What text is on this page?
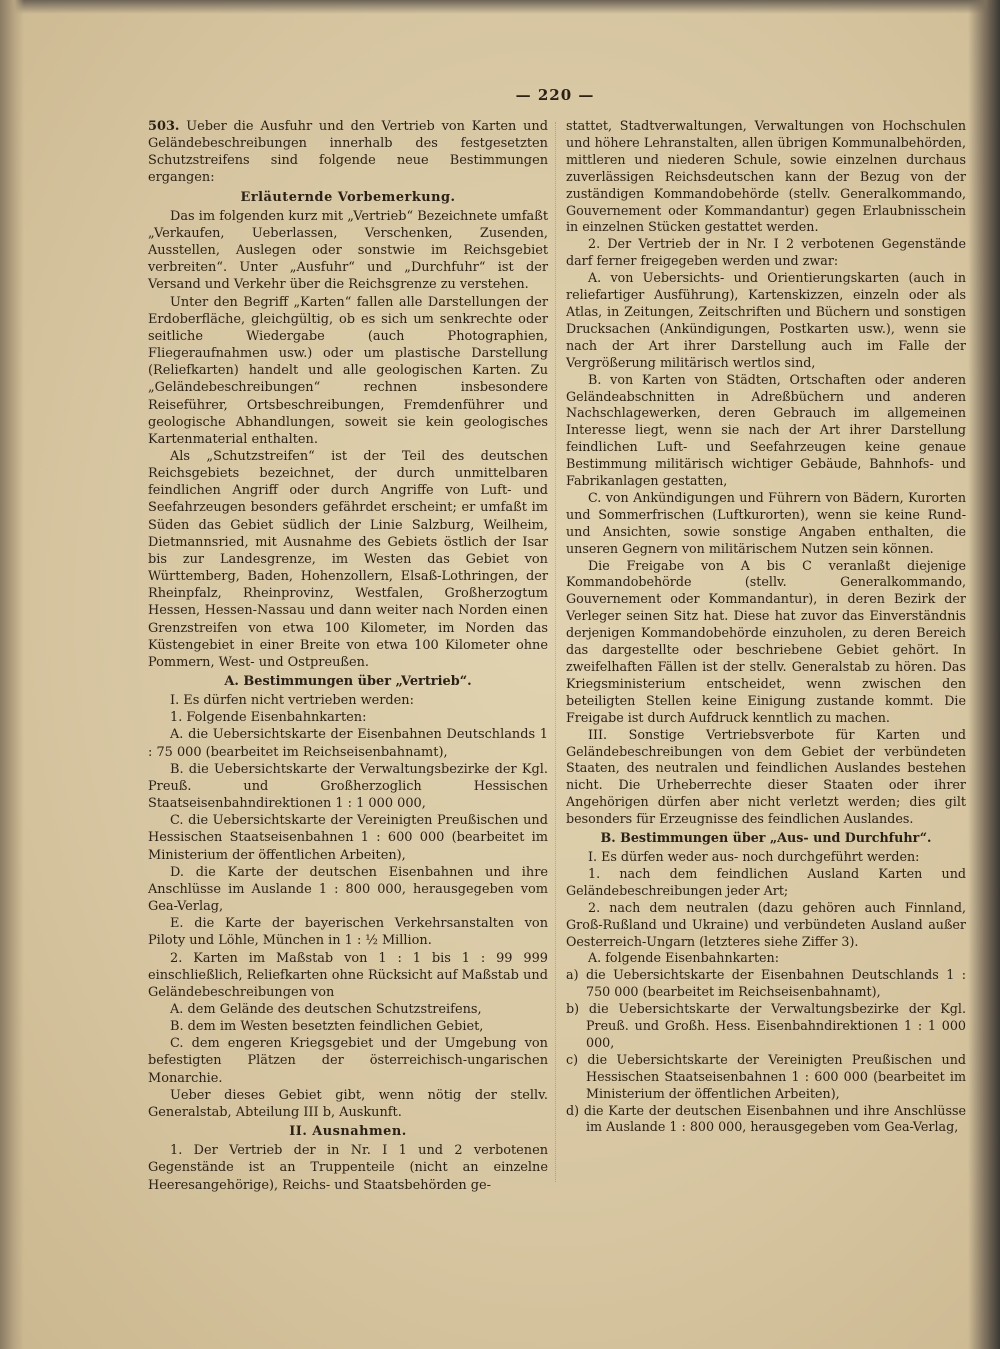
— 220 —

503. Ueber die Ausfuhr und den Vertrieb von Karten und Geländebeschreibungen innerhalb des festgesetzten Schutzstreifens sind folgende neue Bestimmungen ergangen:

Erläuternde Vorbemerkung.

Das im folgenden kurz mit „Vertrieb“ Bezeichnete umfaßt „Verkaufen, Ueberlassen, Verschenken, Zusenden, Ausstellen, Auslegen oder sonstwie im Reichsgebiet verbreiten“. Unter „Ausfuhr“ und „Durchfuhr“ ist der Versand und Verkehr über die Reichsgrenze zu verstehen.

Unter den Begriff „Karten“ fallen alle Darstellungen der Erdoberfläche, gleichgültig, ob es sich um senkrechte oder seitliche Wiedergabe (auch Photographien, Fliegeraufnahmen usw.) oder um plastische Darstellung (Reliefkarten) handelt und alle geologischen Karten. Zu „Geländebeschreibungen“ rechnen insbesondere Reiseführer, Ortsbeschreibungen, Fremdenführer und geologische Abhandlungen, soweit sie kein geologisches Kartenmaterial enthalten.

Als „Schutzstreifen“ ist der Teil des deutschen Reichsgebiets bezeichnet, der durch unmittelbaren feindlichen Angriff oder durch Angriffe von Luft- und Seefahrzeugen besonders gefährdet erscheint; er umfaßt im Süden das Gebiet südlich der Linie Salzburg, Weilheim, Dietmannsried, mit Ausnahme des Gebiets östlich der Isar bis zur Landesgrenze, im Westen das Gebiet von Württemberg, Baden, Hohenzollern, Elsaß-Lothringen, der Rheinpfalz, Rheinprovinz, Westfalen, Großherzogtum Hessen, Hessen-Nassau und dann weiter nach Norden einen Grenzstreifen von etwa 100 Kilometer, im Norden das Küstengebiet in einer Breite von etwa 100 Kilometer ohne Pommern, West- und Ostpreußen.

A. Bestimmungen über „Vertrieb“.

I. Es dürfen nicht vertrieben werden:

1. Folgende Eisenbahnkarten:

A. die Uebersichtskarte der Eisenbahnen Deutschlands 1 : 75 000 (bearbeitet im Reichseisenbahnamt),

B. die Uebersichtskarte der Verwaltungsbezirke der Kgl. Preuß. und Großherzoglich Hessischen Staatseisenbahndirektionen 1 : 1 000 000,

C. die Uebersichtskarte der Vereinigten Preußischen und Hessischen Staatseisenbahnen 1 : 600 000 (bearbeitet im Ministerium der öffentlichen Arbeiten),

D. die Karte der deutschen Eisenbahnen und ihre Anschlüsse im Auslande 1 : 800 000, herausgegeben vom Gea-Verlag,

E. die Karte der bayerischen Verkehrsanstalten von Piloty und Löhle, München in 1 : ½ Million.

2. Karten im Maßstab von 1 : 1 bis 1 : 99 999 einschließlich, Reliefkarten ohne Rücksicht auf Maßstab und Geländebeschreibungen von

A. dem Gelände des deutschen Schutzstreifens,

B. dem im Westen besetzten feindlichen Gebiet,

C. dem engeren Kriegsgebiet und der Umgebung von befestigten Plätzen der österreichisch-ungarischen Monarchie.

Ueber dieses Gebiet gibt, wenn nötig der stellv. Generalstab, Abteilung III b, Auskunft.

II. Ausnahmen.

1. Der Vertrieb der in Nr. I 1 und 2 verbotenen Gegenstände ist an Truppenteile (nicht an einzelne Heeresangehörige), Reichs- und Staatsbehörden ge-

stattet, Stadtverwaltungen, Verwaltungen von Hochschulen und höhere Lehranstalten, allen übrigen Kommunalbehörden, mittleren und niederen Schule, sowie einzelnen durchaus zuverlässigen Reichsdeutschen kann der Bezug von der zuständigen Kommandobehörde (stellv. Generalkommando, Gouvernement oder Kommandantur) gegen Erlaubnisschein in einzelnen Stücken gestattet werden.

2. Der Vertrieb der in Nr. I 2 verbotenen Gegenstände darf ferner freigegeben werden und zwar:

A. von Uebersichts- und Orientierungskarten (auch in reliefartiger Ausführung), Kartenskizzen, einzeln oder als Atlas, in Zeitungen, Zeitschriften und Büchern und sonstigen Drucksachen (Ankündigungen, Postkarten usw.), wenn sie nach der Art ihrer Darstellung auch im Falle der Vergrößerung militärisch wertlos sind,

B. von Karten von Städten, Ortschaften oder anderen Geländeabschnitten in Adreßbüchern und anderen Nachschlagewerken, deren Gebrauch im allgemeinen Interesse liegt, wenn sie nach der Art ihrer Darstellung feindlichen Luft- und Seefahrzeugen keine genaue Bestimmung militärisch wichtiger Gebäude, Bahnhofs- und Fabrikanlagen gestatten,

C. von Ankündigungen und Führern von Bädern, Kurorten und Sommerfrischen (Luftkurorten), wenn sie keine Rund- und Ansichten, sowie sonstige Angaben enthalten, die unseren Gegnern von militärischem Nutzen sein können.

Die Freigabe von A bis C veranlaßt diejenige Kommandobehörde (stellv. Generalkommando, Gouvernement oder Kommandantur), in deren Bezirk der Verleger seinen Sitz hat. Diese hat zuvor das Einverständnis derjenigen Kommandobehörde einzuholen, zu deren Bereich das dargestellte oder beschriebene Gebiet gehört. In zweifelhaften Fällen ist der stellv. Generalstab zu hören. Das Kriegsministerium entscheidet, wenn zwischen den beteiligten Stellen keine Einigung zustande kommt. Die Freigabe ist durch Aufdruck kenntlich zu machen.

III. Sonstige Vertriebsverbote für Karten und Geländebeschreibungen von dem Gebiet der verbündeten Staaten, des neutralen und feindlichen Auslandes bestehen nicht. Die Urheberrechte dieser Staaten oder ihrer Angehörigen dürfen aber nicht verletzt werden; dies gilt besonders für Erzeugnisse des feindlichen Auslandes.

B. Bestimmungen über „Aus- und Durchfuhr“.

I. Es dürfen weder aus- noch durchgeführt werden:

1. nach dem feindlichen Ausland Karten und Geländebeschreibungen jeder Art;

2. nach dem neutralen (dazu gehören auch Finnland, Groß-Rußland und Ukraine) und verbündeten Ausland außer Oesterreich-Ungarn (letzteres siehe Ziffer 3).

A. folgende Eisenbahnkarten:

a) die Uebersichtskarte der Eisenbahnen Deutschlands 1 : 750 000 (bearbeitet im Reichseisenbahnamt),

b) die Uebersichtskarte der Verwaltungsbezirke der Kgl. Preuß. und Großh. Hess. Eisenbahndirektionen 1 : 1 000 000,

c) die Uebersichtskarte der Vereinigten Preußischen und Hessischen Staatseisenbahnen 1 : 600 000 (bearbeitet im Ministerium der öffentlichen Arbeiten),

d) die Karte der deutschen Eisenbahnen und ihre Anschlüsse im Auslande 1 : 800 000, herausgegeben vom Gea-Verlag,
